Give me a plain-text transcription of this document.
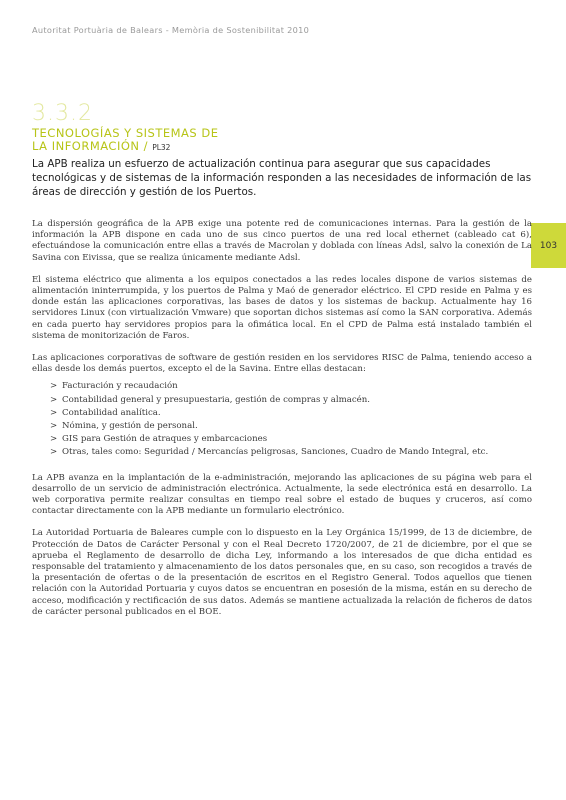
Autoritat Portuària de Balears - Memòria de Sostenibilitat 2010
3.3.2
TECNOLOGÍAS Y SISTEMAS DE
LA INFORMACIÓN / PL32
La APB realiza un esfuerzo de actualización continua para asegurar que sus capacidades tecnológicas y de sistemas de la información responden a las necesidades de información de las áreas de dirección y gestión de los Puertos.
103

La dispersión geográfica de la APB exige una potente red de comunicaciones internas. Para la gestión de la información la APB dispone en cada uno de sus cinco puertos de una red local ethernet (cableado cat 6), efectuándose la comunicación entre ellas a través de Macrolan y doblada con líneas Adsl, salvo la conexión de La Savina con Eivissa, que se realiza únicamente mediante Adsl.

El sistema eléctrico que alimenta a los equipos conectados a las redes locales dispone de varios sistemas de alimentación ininterrumpida, y los puertos de Palma y Maó de generador eléctrico. El CPD reside en Palma y es donde están las aplicaciones corporativas, las bases de datos y los sistemas de backup. Actualmente hay 16 servidores Linux (con virtualización Vmware) que soportan dichos sistemas así como la SAN corporativa. Además en cada puerto hay servidores propios para la ofimática local. En el CPD de Palma está instalado también el sistema de monitorización de Faros.

Las aplicaciones corporativas de software de gestión residen en los servidores RISC de Palma, teniendo acceso a ellas desde los demás puertos, excepto el de la Savina. Entre ellas destacan:

> Facturación y recaudación
> Contabilidad general y presupuestaria, gestión de compras y almacén.
> Contabilidad analítica.
> Nómina, y gestión de personal.
> GIS para Gestión de atraques y embarcaciones
> Otras, tales como: Seguridad / Mercancías peligrosas, Sanciones, Cuadro de Mando Integral, etc.

La APB avanza en la implantación de la e-administración, mejorando las aplicaciones de su página web para el desarrollo de un servicio de administración electrónica. Actualmente, la sede electrónica está en desarrollo. La web corporativa permite realizar consultas en tiempo real sobre el estado de buques y cruceros, así como contactar directamente con la APB mediante un formulario electrónico.

La Autoridad Portuaria de Baleares cumple con lo dispuesto en la Ley Orgánica 15/1999, de 13 de diciembre, de Protección de Datos de Carácter Personal y con el Real Decreto 1720/2007, de 21 de diciembre, por el que se aprueba el Reglamento de desarrollo de dicha Ley, informando a los interesados de que dicha entidad es responsable del tratamiento y almacenamiento de los datos personales que, en su caso, son recogidos a través de la presentación de ofertas o de la presentación de escritos en el Registro General. Todos aquellos que tienen relación con la Autoridad Portuaria y cuyos datos se encuentran en posesión de la misma, están en su derecho de acceso, modificación y rectificación de sus datos. Además se mantiene actualizada la relación de ficheros de datos de carácter personal publicados en el BOE.
